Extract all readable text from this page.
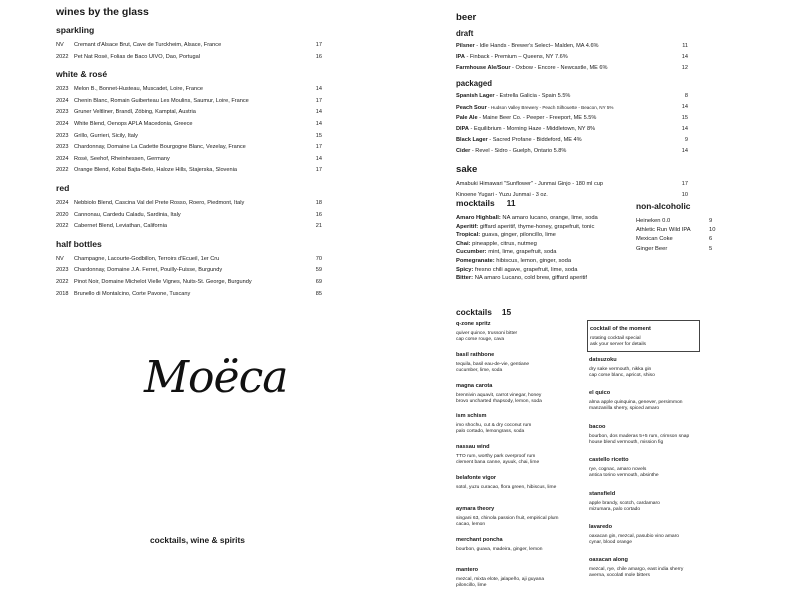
wines by the glass
sparkling
NV	Cremant d'Alsace Brut, Cave de Turckheim, Alsace, France	17
2022 Pet Nat Rosé, Folias de Baco UIVO, Dao, Portugal	16
white & rosé
2023 Melon B., Bonnet-Husteau, Muscadet, Loire, France	14
2024 Chenin Blanc, Romain Guiberteau Les Moulins, Saumur, Loire, France	17
2023 Gruner Veltliner, Brandl, Zöbing, Kamptal, Austria	14
2024 White Blend, Oenops APLA Macedonia, Greece	14
2023 Grillo, Gurrieri, Sicily, Italy	15
2023 Chardonnay, Domaine La Cadette Bourgogne Blanc, Vezelay, France	17
2024 Rosé, Seehof, Rheinhessen, Germany	14
2022 Orange Blend, Kobal Bajta-Belo, Haloze Hills, Stajerska, Slovenia	17
red
2024 Nebbiolo Blend, Cascina Val del Prete Rosso, Roero, Piedmont, Italy	18
2020 Cannonau, Cardedu Caladu, Sardinia, Italy	16
2022 Cabernet Blend, Leviathan, California	21
half bottles
NV	Champagne, Lacourte-Godbillon, Terroirs d'Ecueil, 1er Cru	70
2023 Chardonnay, Domaine J.A. Ferret, Pouilly-Fuisse, Burgundy	59
2022 Pinot Noir, Domaine Michelot Vielle Vignes, Nuits-St. George, Burgundy	69
2018 Brunello di Montalcino, Corte Pavone, Tuscany	85
Moëca
cocktails, wine & spirits
beer
draft
Pilsner - Idle Hands - Brewer's Select– Malden, MA 4.6%	11
IPA - Finback - Premium – Queens, NY 7.6%	14
Farmhouse Ale/Sour - Oxbow - Encore - Newcastle, ME 6%	12
packaged
Spanish Lager - Estrella Galicia - Spain 5.5%	8
Peach Sour - Hudson Valley Brewery - Peach Silhouette - Beacon, NY 5%	14
Pale Ale - Maine Beer Co. - Peeper - Freeport, ME 5.5%	15
DIPA - Equilibrium - Morning Haze - Middletown, NY 8%	14
Black Lager - Sacred Profane - Biddeford, ME 4%	9
Cider - Revel - Sidro - Guelph, Ontario 5.8%	14
sake
Amabuki Himawari "Sunflower" - Junmai Ginjo - 180 ml cup	17
Kinoene Yugari - Yuzu Junmai - 3 oz.	10
mocktails 11
Amaro Highball: NA amaro lucano, orange, lime, soda
Aperitif: giffard aperitif, thyme-honey, grapefruit, tonic
Tropical: guava, ginger, piloncillo, lime
Chai: pineapple, citrus, nutmeg
Cucumber: mint, lime, grapefruit, soda
Pomegranate: hibiscus, lemon, ginger, soda
Spicy: fresno chili agave, grapefruit, lime, soda
Bitter: NA amaro Lucano, cold brew, giffard aperitif
non-alcoholic
Heineken 0.0	9
Athletic Run Wild IPA	10
Mexican Coke	6
Ginger Beer	5
cocktails 15
q-zone spritz
quiver quince, trussoni bitter
cap corse rouge, cava
basil rathbone
tequila, basil eau-de-vie, gentiane
cucumber, lime, soda
magna carota
brennivin aquavit, carrot vinegar, honey
brovo uncharted rhapsody, lemon, soda
ism schism
imo shochu, cut & dry coconut rum
palo cortado, lemongrass, soda
nassau wind
TTO rum, worthy park overproof rum
clement bana canne, ayuuk, chai, lime
belafonte vigor
sotol, yuzu curacao, flora green, hibiscus, lime
aymara theory
singani 63, chinola passion fruit, empirical plum
cacao, lemon
merchant poncha
bourbon, guava, madeira, ginger, lemon
mantero
mezcal, mixta elote, jalapeño, aji guyana
piloncillo, lime
cocktail of the moment
rotating cocktail special
ask your server for details
datsuzoku
dry sake vermouth, nikka gin
cap corse blanc, apricot, shiso
el quico
alma apple quinquina, genever, persimmon
manzanilla sherry, spiced amaro
bacoo
bourbon, dos maderas 5+5 rum, crimson snap
house blend vermouth, mission fig
castello ricetto
rye, cognac, amaro novels
antica torino vermouth, absinthe
stansfield
apple brandy, scotch, cardamaro
mizumara, palo cortado
lavaredo
oaxacan gin, mezcal, pasubio vino amaro
cynar, blood orange
oaxacan along
mezcal, rye, chile amargo, east india sherry
averna, xocolatl mole bitters
